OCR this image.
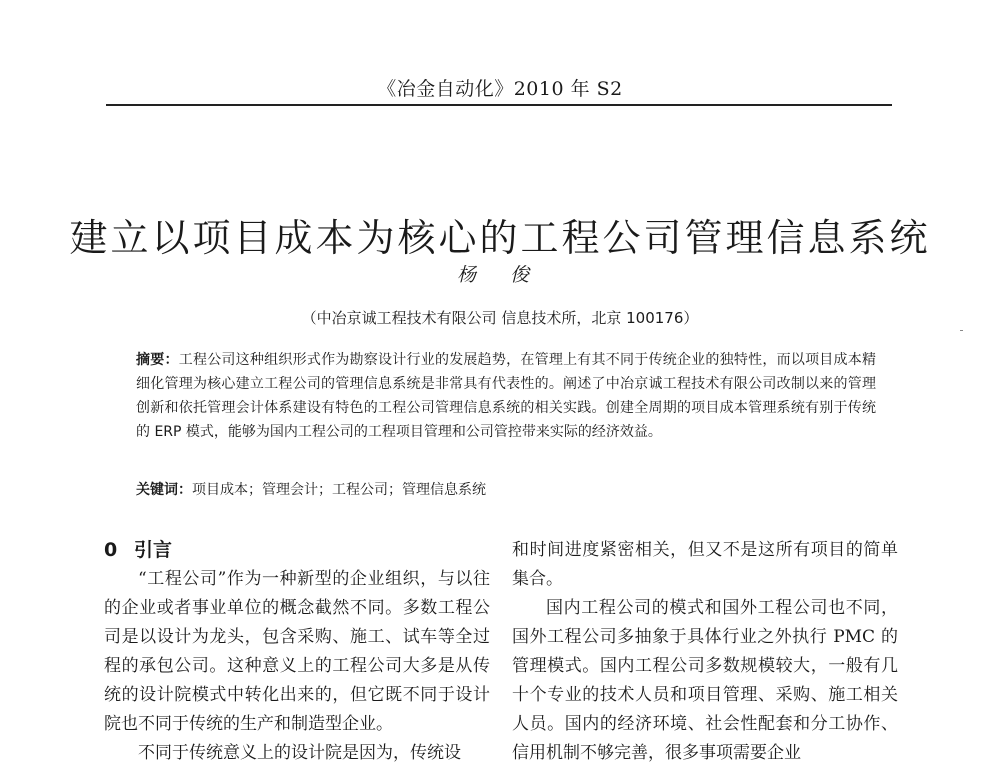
《冶金自动化》2010 年 S2
建立以项目成本为核心的工程公司管理信息系统
杨 俊
（中冶京诚工程技术有限公司 信息技术所，北京 100176）
摘要：工程公司这种组织形式作为勘察设计行业的发展趋势，在管理上有其不同于传统企业的独特性，而以项目成本精细化管理为核心建立工程公司的管理信息系统是非常具有代表性的。阐述了中冶京诚工程技术有限公司改制以来的管理创新和依托管理会计体系建设有特色的工程公司管理信息系统的相关实践。创建全周期的项目成本管理系统有别于传统的 ERP 模式，能够为国内工程公司的工程项目管理和公司管控带来实际的经济效益。
关键词：项目成本；管理会计；工程公司；管理信息系统
0 引言

“工程公司”作为一种新型的企业组织，与以往的企业或者事业单位的概念截然不同。多数工程公司是以设计为龙头，包含采购、施工、试车等全过程的承包公司。这种意义上的工程公司大多是从传统的设计院模式中转化出来的，但它既不同于设计院也不同于传统的生产和制造型企业。

不同于传统意义上的设计院是因为，传统设

和时间进度紧密相关，但又不是这所有项目的简单集合。

国内工程公司的模式和国外工程公司也不同，国外工程公司多抽象于具体行业之外执行 PMC 的管理模式。国内工程公司多数规模较大，一般有几十个专业的技术人员和项目管理、采购、施工相关人员。国内的经济环境、社会性配套和分工协作、信用机制不够完善，很多事项需要企业
